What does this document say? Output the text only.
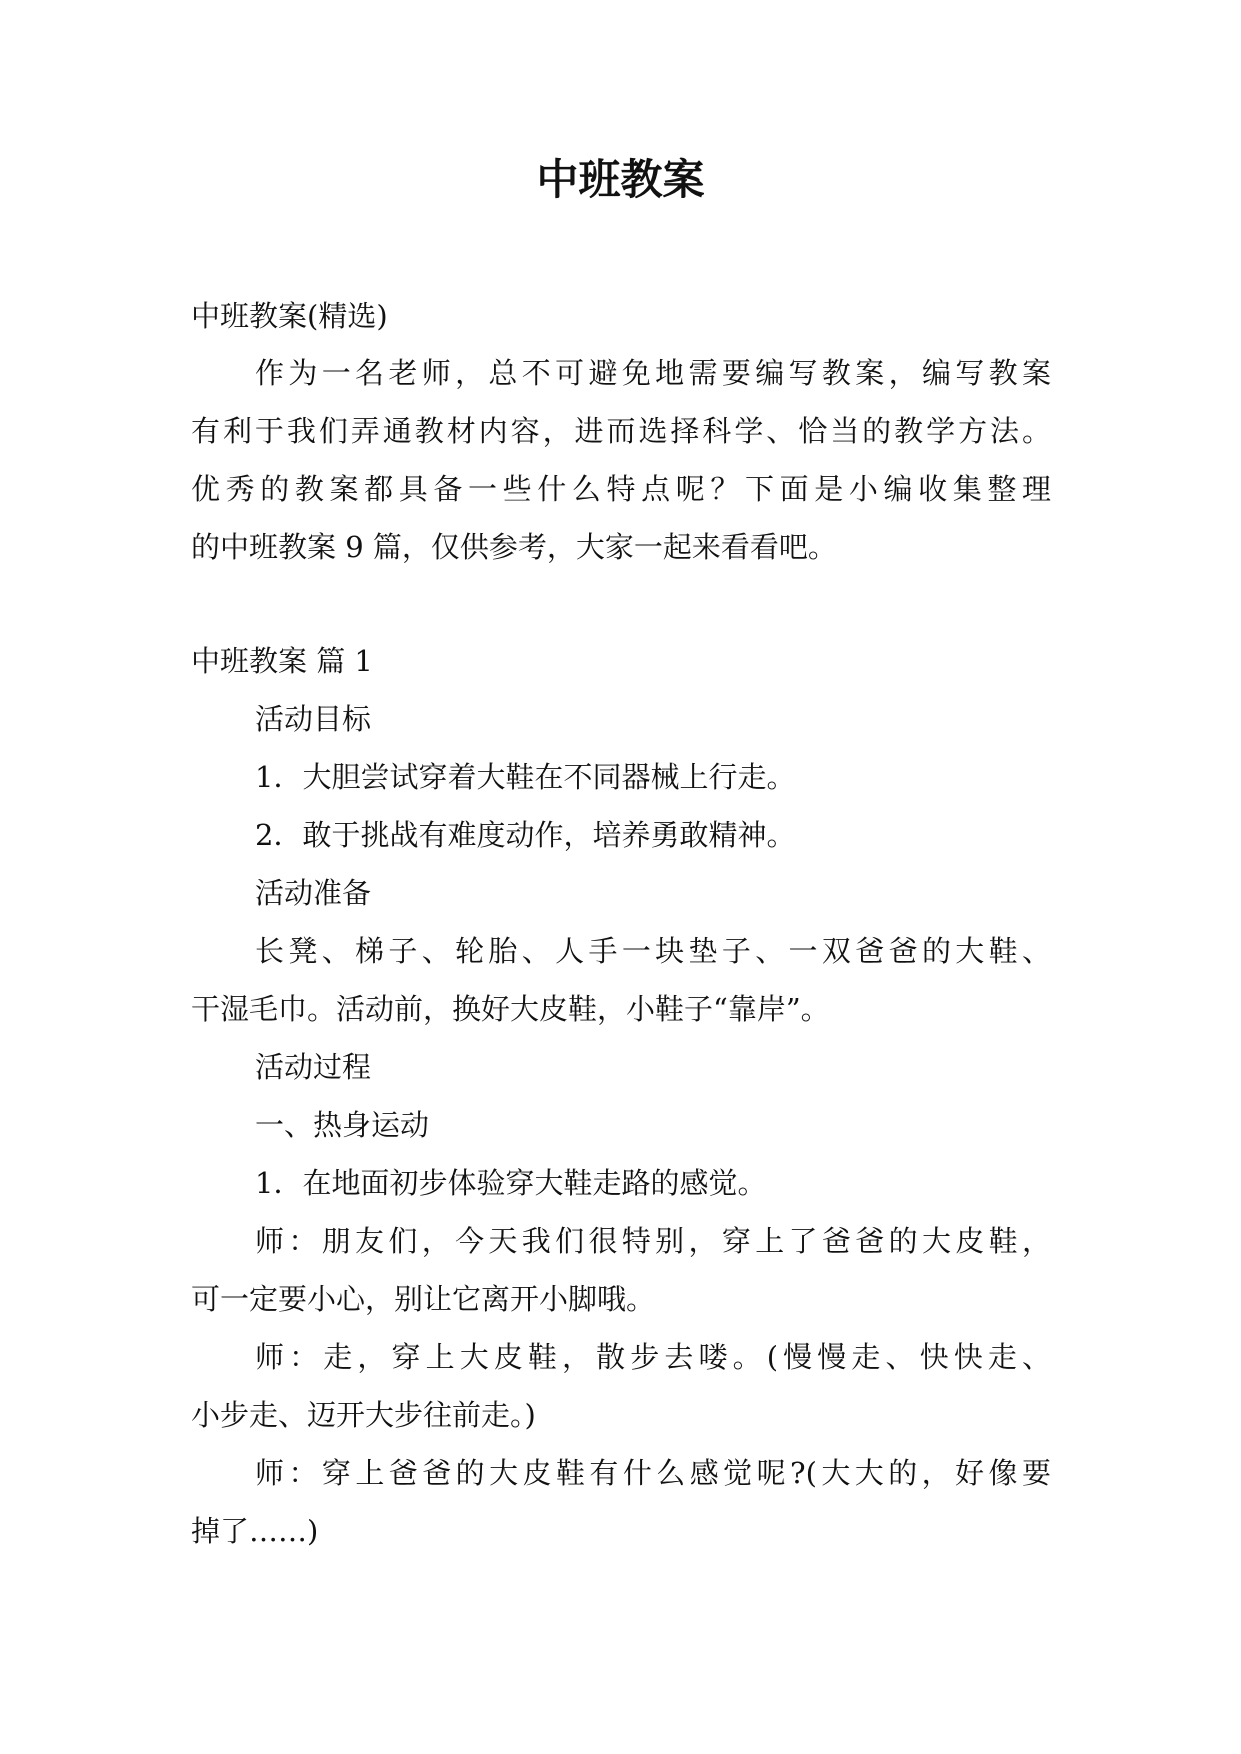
中班教案

中班教案(精选)

作为一名老师，总不可避免地需要编写教案，编写教案

有利于我们弄通教材内容，进而选择科学、恰当的教学方法。

优秀的教案都具备一些什么特点呢？下面是小编收集整理

的中班教案 9 篇，仅供参考，大家一起来看看吧。

中班教案 篇 1

活动目标

1．大胆尝试穿着大鞋在不同器械上行走。

2．敢于挑战有难度动作，培养勇敢精神。

活动准备

长凳、梯子、轮胎、人手一块垫子、一双爸爸的大鞋、

干湿毛巾。活动前，换好大皮鞋，小鞋子“靠岸”。

活动过程

一、热身运动

1．在地面初步体验穿大鞋走路的感觉。

师：朋友们，今天我们很特别，穿上了爸爸的大皮鞋，

可一定要小心，别让它离开小脚哦。

师：走，穿上大皮鞋，散步去喽。(慢慢走、快快走、

小步走、迈开大步往前走。)

师：穿上爸爸的大皮鞋有什么感觉呢?(大大的，好像要

掉了……)
